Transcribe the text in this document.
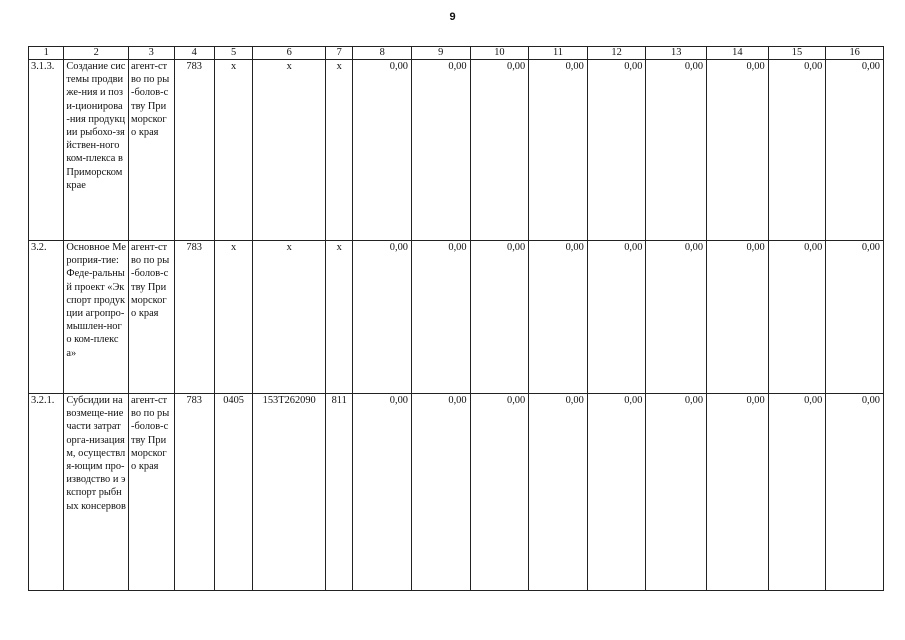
9
1	2	3	4	5	6	7	8	9	10	11	12	13	14	15	16
3.1.3.	Создание системы продвиже-ния и пози-ционирова-ния продукции рыбохо-зяйствен-ного ком-плекса в Приморском крае	агент-ство по ры-болов-ству Приморского края	783	x	x	x	0,00	0,00	0,00	0,00	0,00	0,00	0,00	0,00	0,00
3.2.	Основное Мероприя-тие: Феде-ральный проект «Экспорт продукции агропро-мышлен-ного ком-плекса»	агент-ство по ры-болов-ству Приморского края	783	x	x	x	0,00	0,00	0,00	0,00	0,00	0,00	0,00	0,00	0,00
3.2.1.	Субсидии на возмеще-ние части затрат орга-низациям, осуществля-ющим про-изводство и экспорт рыбных консервов	агент-ство по ры-болов-ству Приморского края	783	0405	153T262090	811	0,00	0,00	0,00	0,00	0,00	0,00	0,00	0,00	0,00
